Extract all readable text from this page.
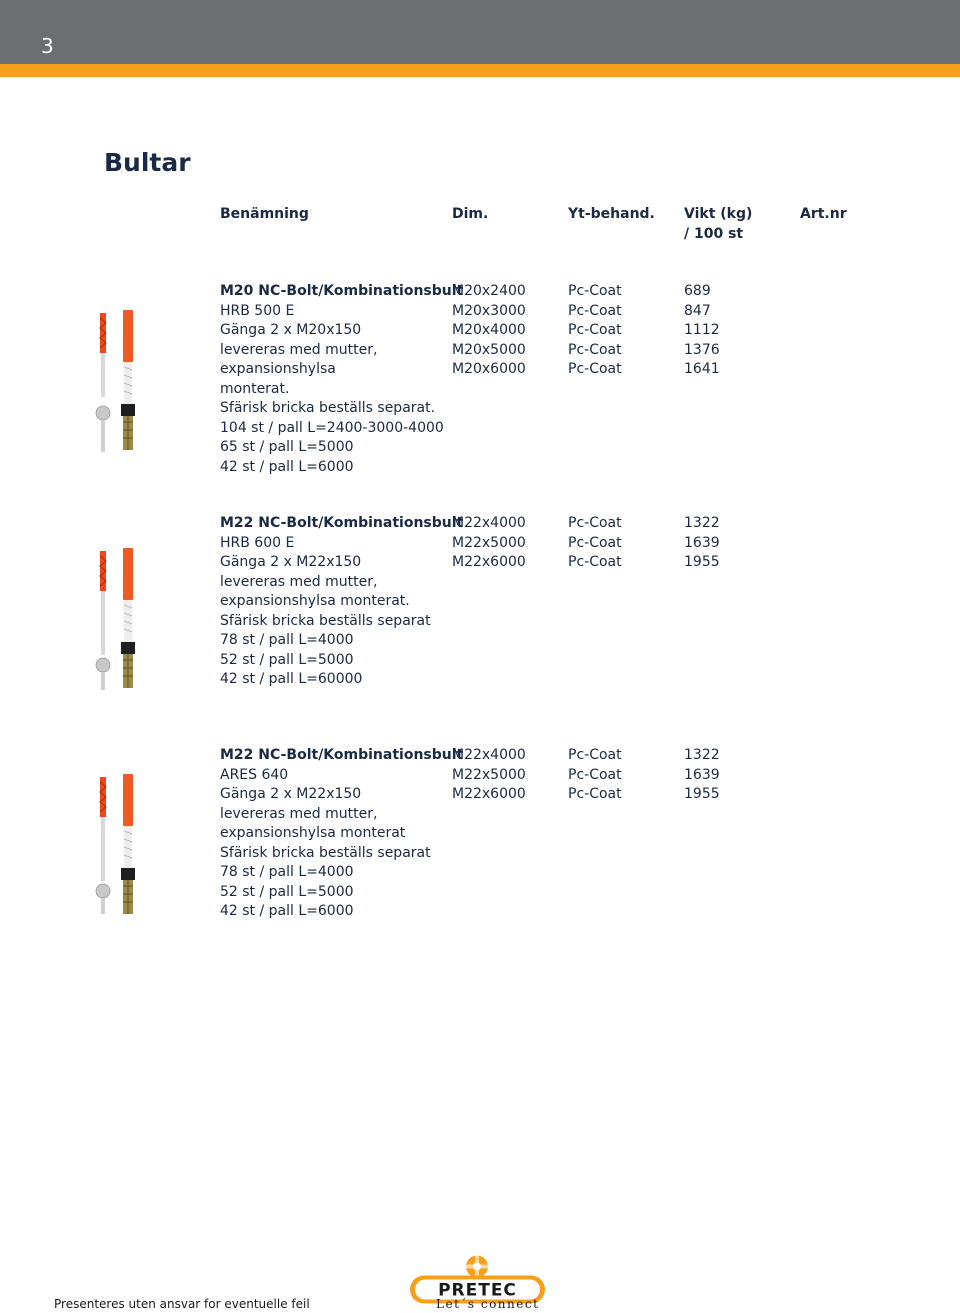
3
Bultar
Benämning	Dim.	Yt-behand. Vikt (kg)
/ 100 st
Art.nr
M20 NC-Bolt/Kombinationsbult
HRB 500 E
Gänga 2 x M20x150
levereras med mutter,
expansionshylsa
monterat.
Sfärisk bricka beställs separat.
104 st / pall L=2400-3000-4000
65 st / pall L=5000
42 st / pall L=6000
M20x2400
M20x3000
M20x4000
M20x5000
M20x6000
Pc-Coat
Pc-Coat
Pc-Coat
Pc-Coat
Pc-Coat
689
847
1112
1376
1641
M22 NC-Bolt/Kombinationsbult
HRB 600 E
Gänga 2 x M22x150
levereras med mutter,
expansionshylsa monterat.
Sfärisk bricka beställs separat
78 st / pall L=4000
52 st / pall L=5000
42 st / pall L=60000
M22x4000
M22x5000
M22x6000
Pc-Coat
Pc-Coat
Pc-Coat
1322
1639
1955
M22 NC-Bolt/Kombinationsbult
ARES 640
Gänga 2 x M22x150
levereras med mutter,
expansionshylsa monterat
Sfärisk bricka beställs separat
78 st / pall L=4000
52 st / pall L=5000
42 st / pall L=6000
M22x4000
M22x5000
M22x6000
Pc-Coat
Pc-Coat
Pc-Coat
1322
1639
1955
Presenteres uten ansvar for eventuelle feil
PRETEC
Let´s connect
